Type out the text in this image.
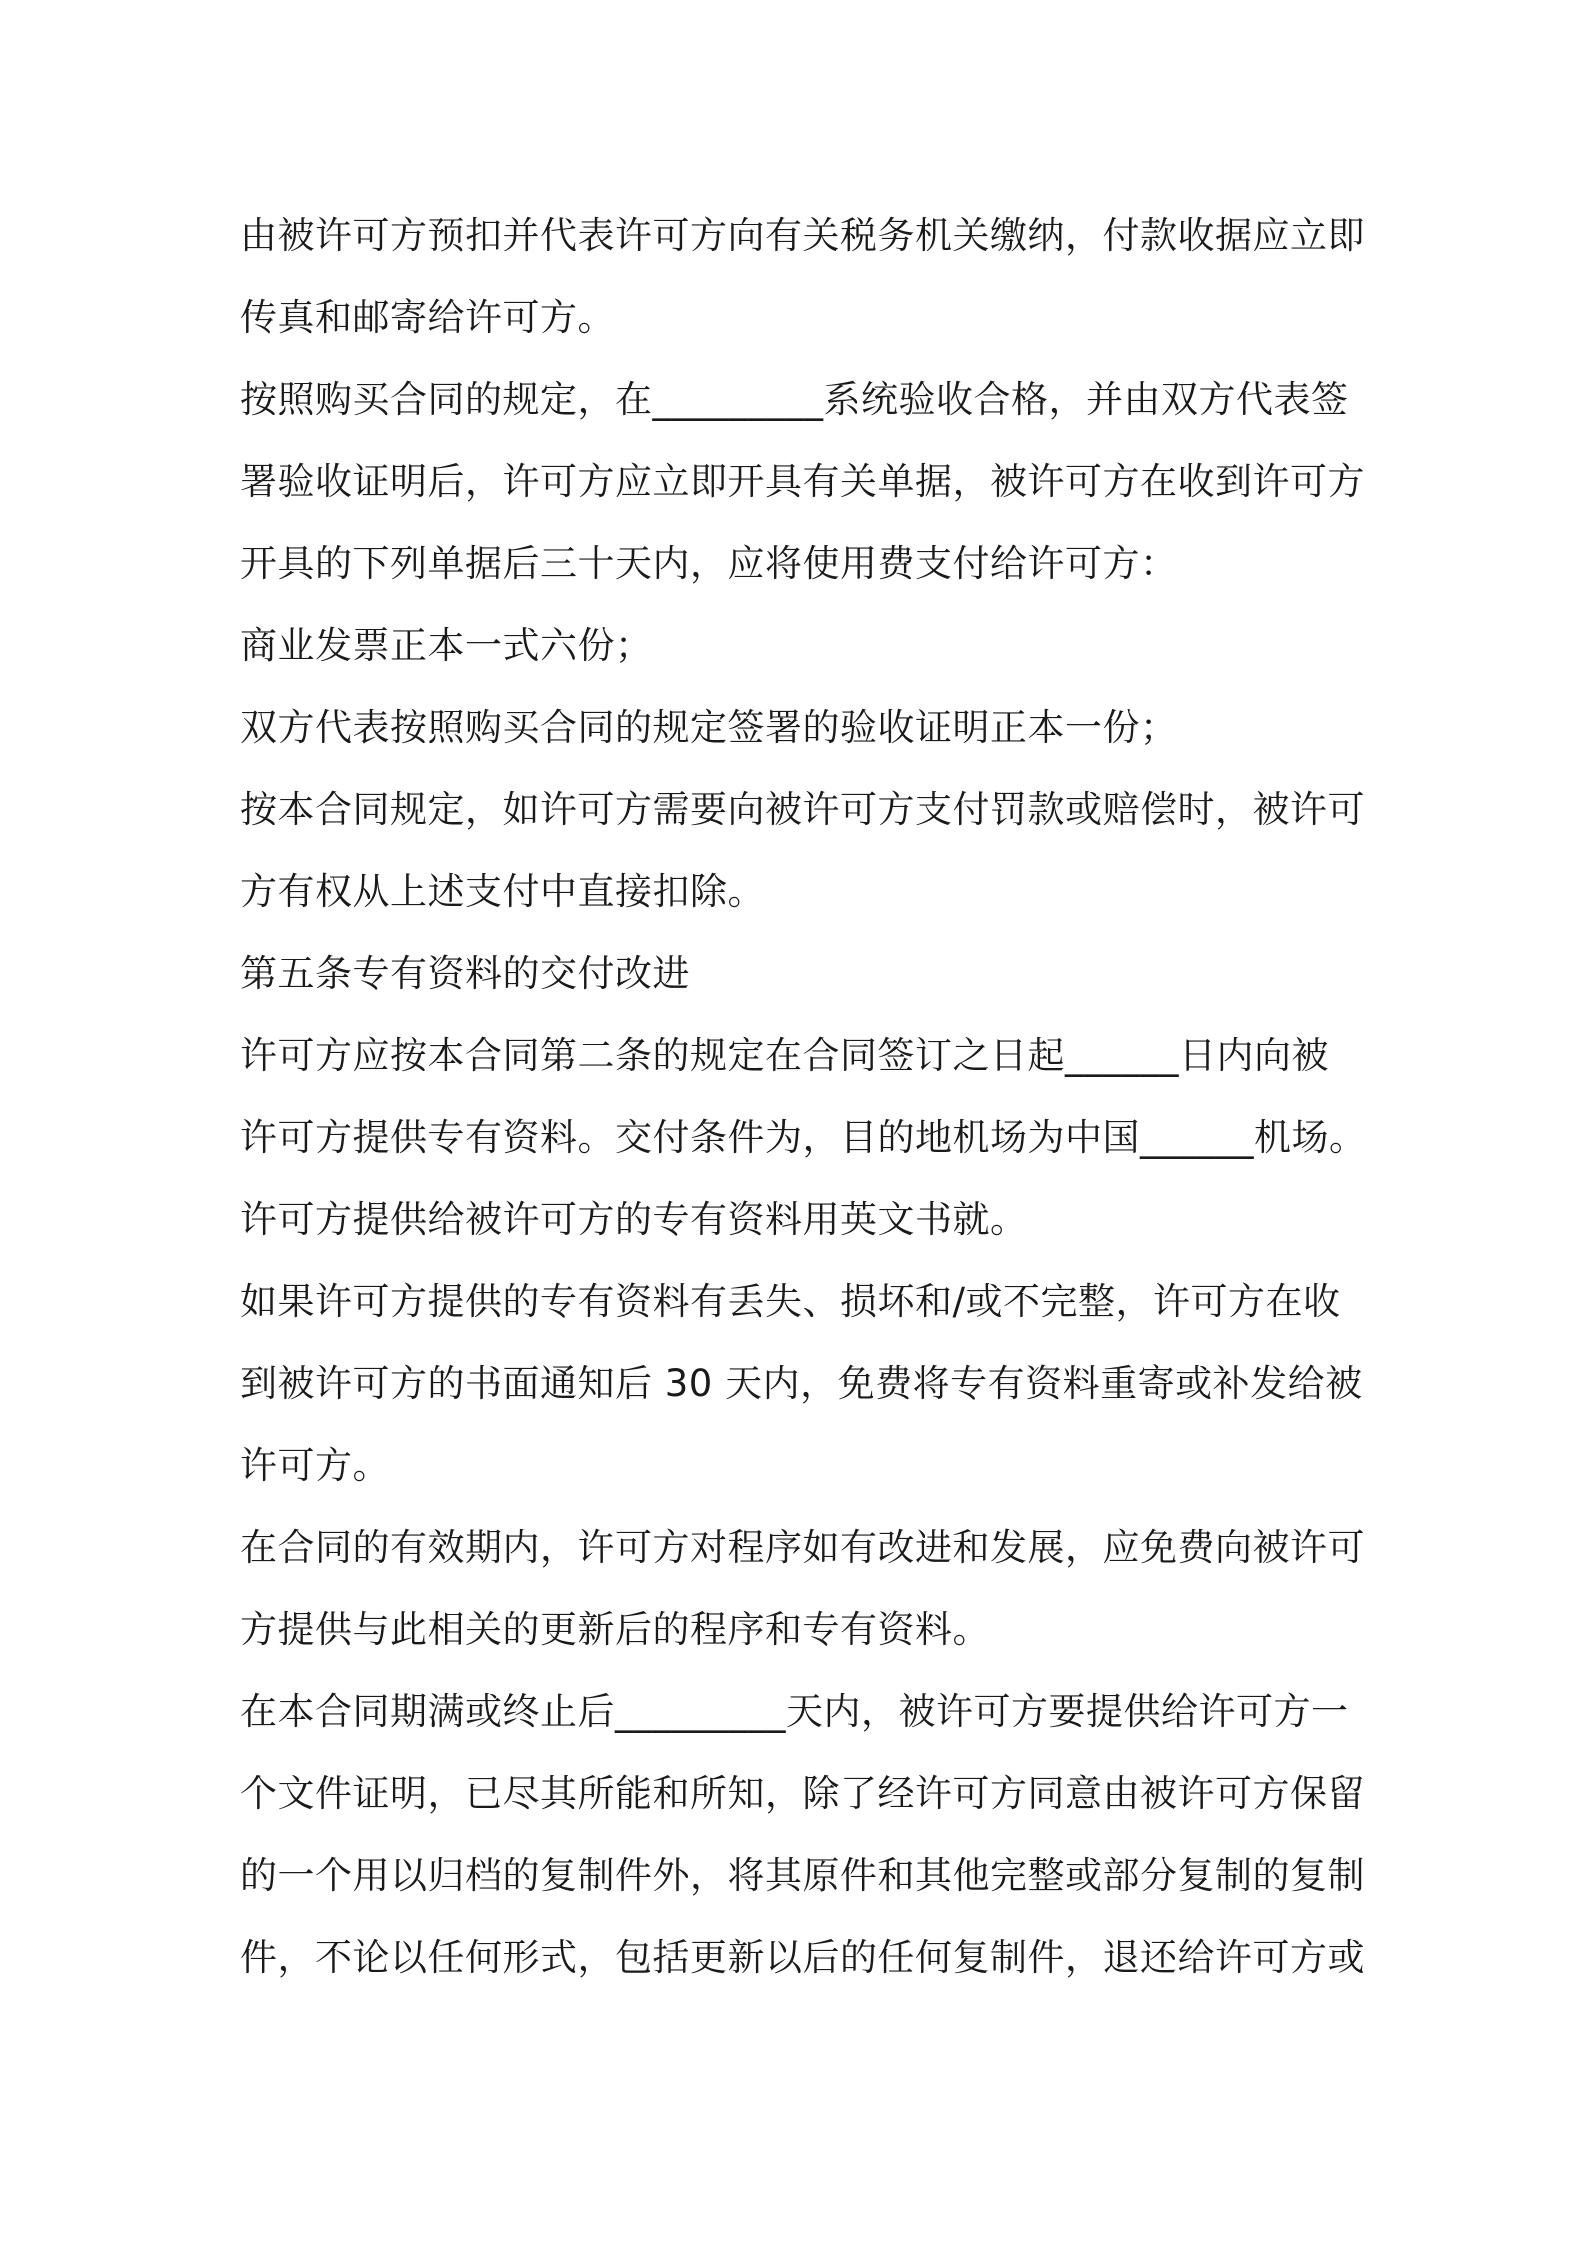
由被许可方预扣并代表许可方向有关税务机关缴纳，付款收据应立即
传真和邮寄给许可方。
按照购买合同的规定，在_________系统验收合格，并由双方代表签
署验收证明后，许可方应立即开具有关单据，被许可方在收到许可方
开具的下列单据后三十天内，应将使用费支付给许可方：
商业发票正本一式六份；
双方代表按照购买合同的规定签署的验收证明正本一份；
按本合同规定，如许可方需要向被许可方支付罚款或赔偿时，被许可
方有权从上述支付中直接扣除。
第五条专有资料的交付改进
许可方应按本合同第二条的规定在合同签订之日起______日内向被
许可方提供专有资料。交付条件为，目的地机场为中国______机场。
许可方提供给被许可方的专有资料用英文书就。
如果许可方提供的专有资料有丢失、损坏和/或不完整，许可方在收
到被许可方的书面通知后 30 天内，免费将专有资料重寄或补发给被
许可方。
在合同的有效期内，许可方对程序如有改进和发展，应免费向被许可
方提供与此相关的更新后的程序和专有资料。
在本合同期满或终止后_________天内，被许可方要提供给许可方一
个文件证明，已尽其所能和所知，除了经许可方同意由被许可方保留
的一个用以归档的复制件外，将其原件和其他完整或部分复制的复制
件，不论以任何形式，包括更新以后的任何复制件，退还给许可方或
